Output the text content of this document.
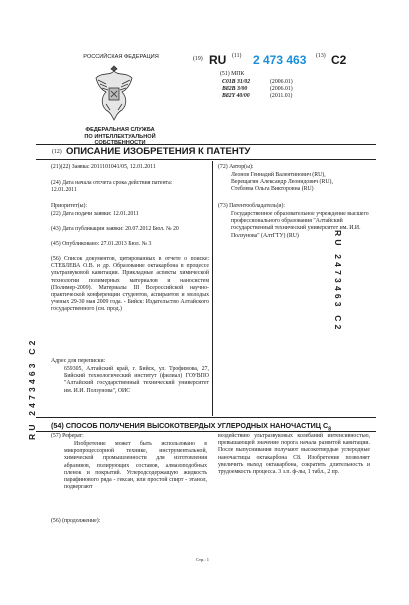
РОССИЙСКАЯ ФЕДЕРАЦИЯ
ФЕДЕРАЛЬНАЯ СЛУЖБА
ПО ИНТЕЛЛЕКТУАЛЬНОЙ СОБСТВЕННОСТИ
(19) RU (11) 2 473 463 (13) C2
(51) МПК
C01B 31/02	(2006.01)
B82B 3/00	(2006.01)
B82Y 40/00	(2011.01)
(12) ОПИСАНИЕ ИЗОБРЕТЕНИЯ К ПАТЕНТУ
(21)(22) Заявка: 2011101041/05, 12.01.2011
(24) Дата начала отсчета срока действия патента:
12.01.2011
Приоритет(ы):
(22) Дата подачи заявки: 12.01.2011
(43) Дата публикации заявки: 20.07.2012 Бюл. № 20
(45) Опубликовано: 27.01.2013 Бюл. № 3
(56) Список документов, цитированных в отчете о поиске: СТЕБЛЕВА О.В. и др. Образование октакарбона в процессе ультразвуковой кавитации. Прикладные аспекты химической технологии полимерных материалов и наносистем (Полимер-2009). Материалы III Всероссийской научно-практической конференции студентов, аспирантов и молодых ученых 29-30 мая 2009 года. - Бийск: Издательство Алтайского государственного (см. прод.)
Адрес для переписки:
659305, Алтайский край, г. Бийск, ул. Трофимова, 27, Бийский технологический институт (филиал) ГОУВПО "Алтайский государственный технический университет им. И.И. Ползунова", ОИС
(72) Автор(ы):
Леонов Геннадий Валентинович (RU),
Верещагин Александр Леонидович (RU),
Стеблева Ольга Викторовна (RU)
(73) Патентообладатель(и):
Государственное образовательное учреждение высшего профессионального образования "Алтайский государственный технический университет им. И.И. Ползунова" (АлтГТУ) (RU)	RU 2473463 C2
RU 2473463 C2 (54) СПОСОБ ПОЛУЧЕНИЯ ВЫСОКОТВЕРДЫХ УГЛЕРОДНЫХ НАНОЧАСТИЦ $C_8$
(57) Реферат:
Изобретение может быть использовано в микропроцессорной технике, инструментальной, химической промышленности для изготовления абразивов, полирующих составов, алмазоподобных пленок и покрытий. Углеродсодержащую жидкость парафинового ряда - гексан, или простой спирт - этанол, подвергают
воздействию ультразвуковых колебаний интенсивностью, превышающей значение порога начала развитой кавитации. После выпуснивания получают высокотвердые углеродные наночастицы октакарбона C8. Изобретение позволяет увеличить выход октакарбона, сократить длительность и трудоемкость процесса. 3 з.п. ф-лы, 1 табл., 2 пр.
(56) (продолжение):
Стр.: 1
